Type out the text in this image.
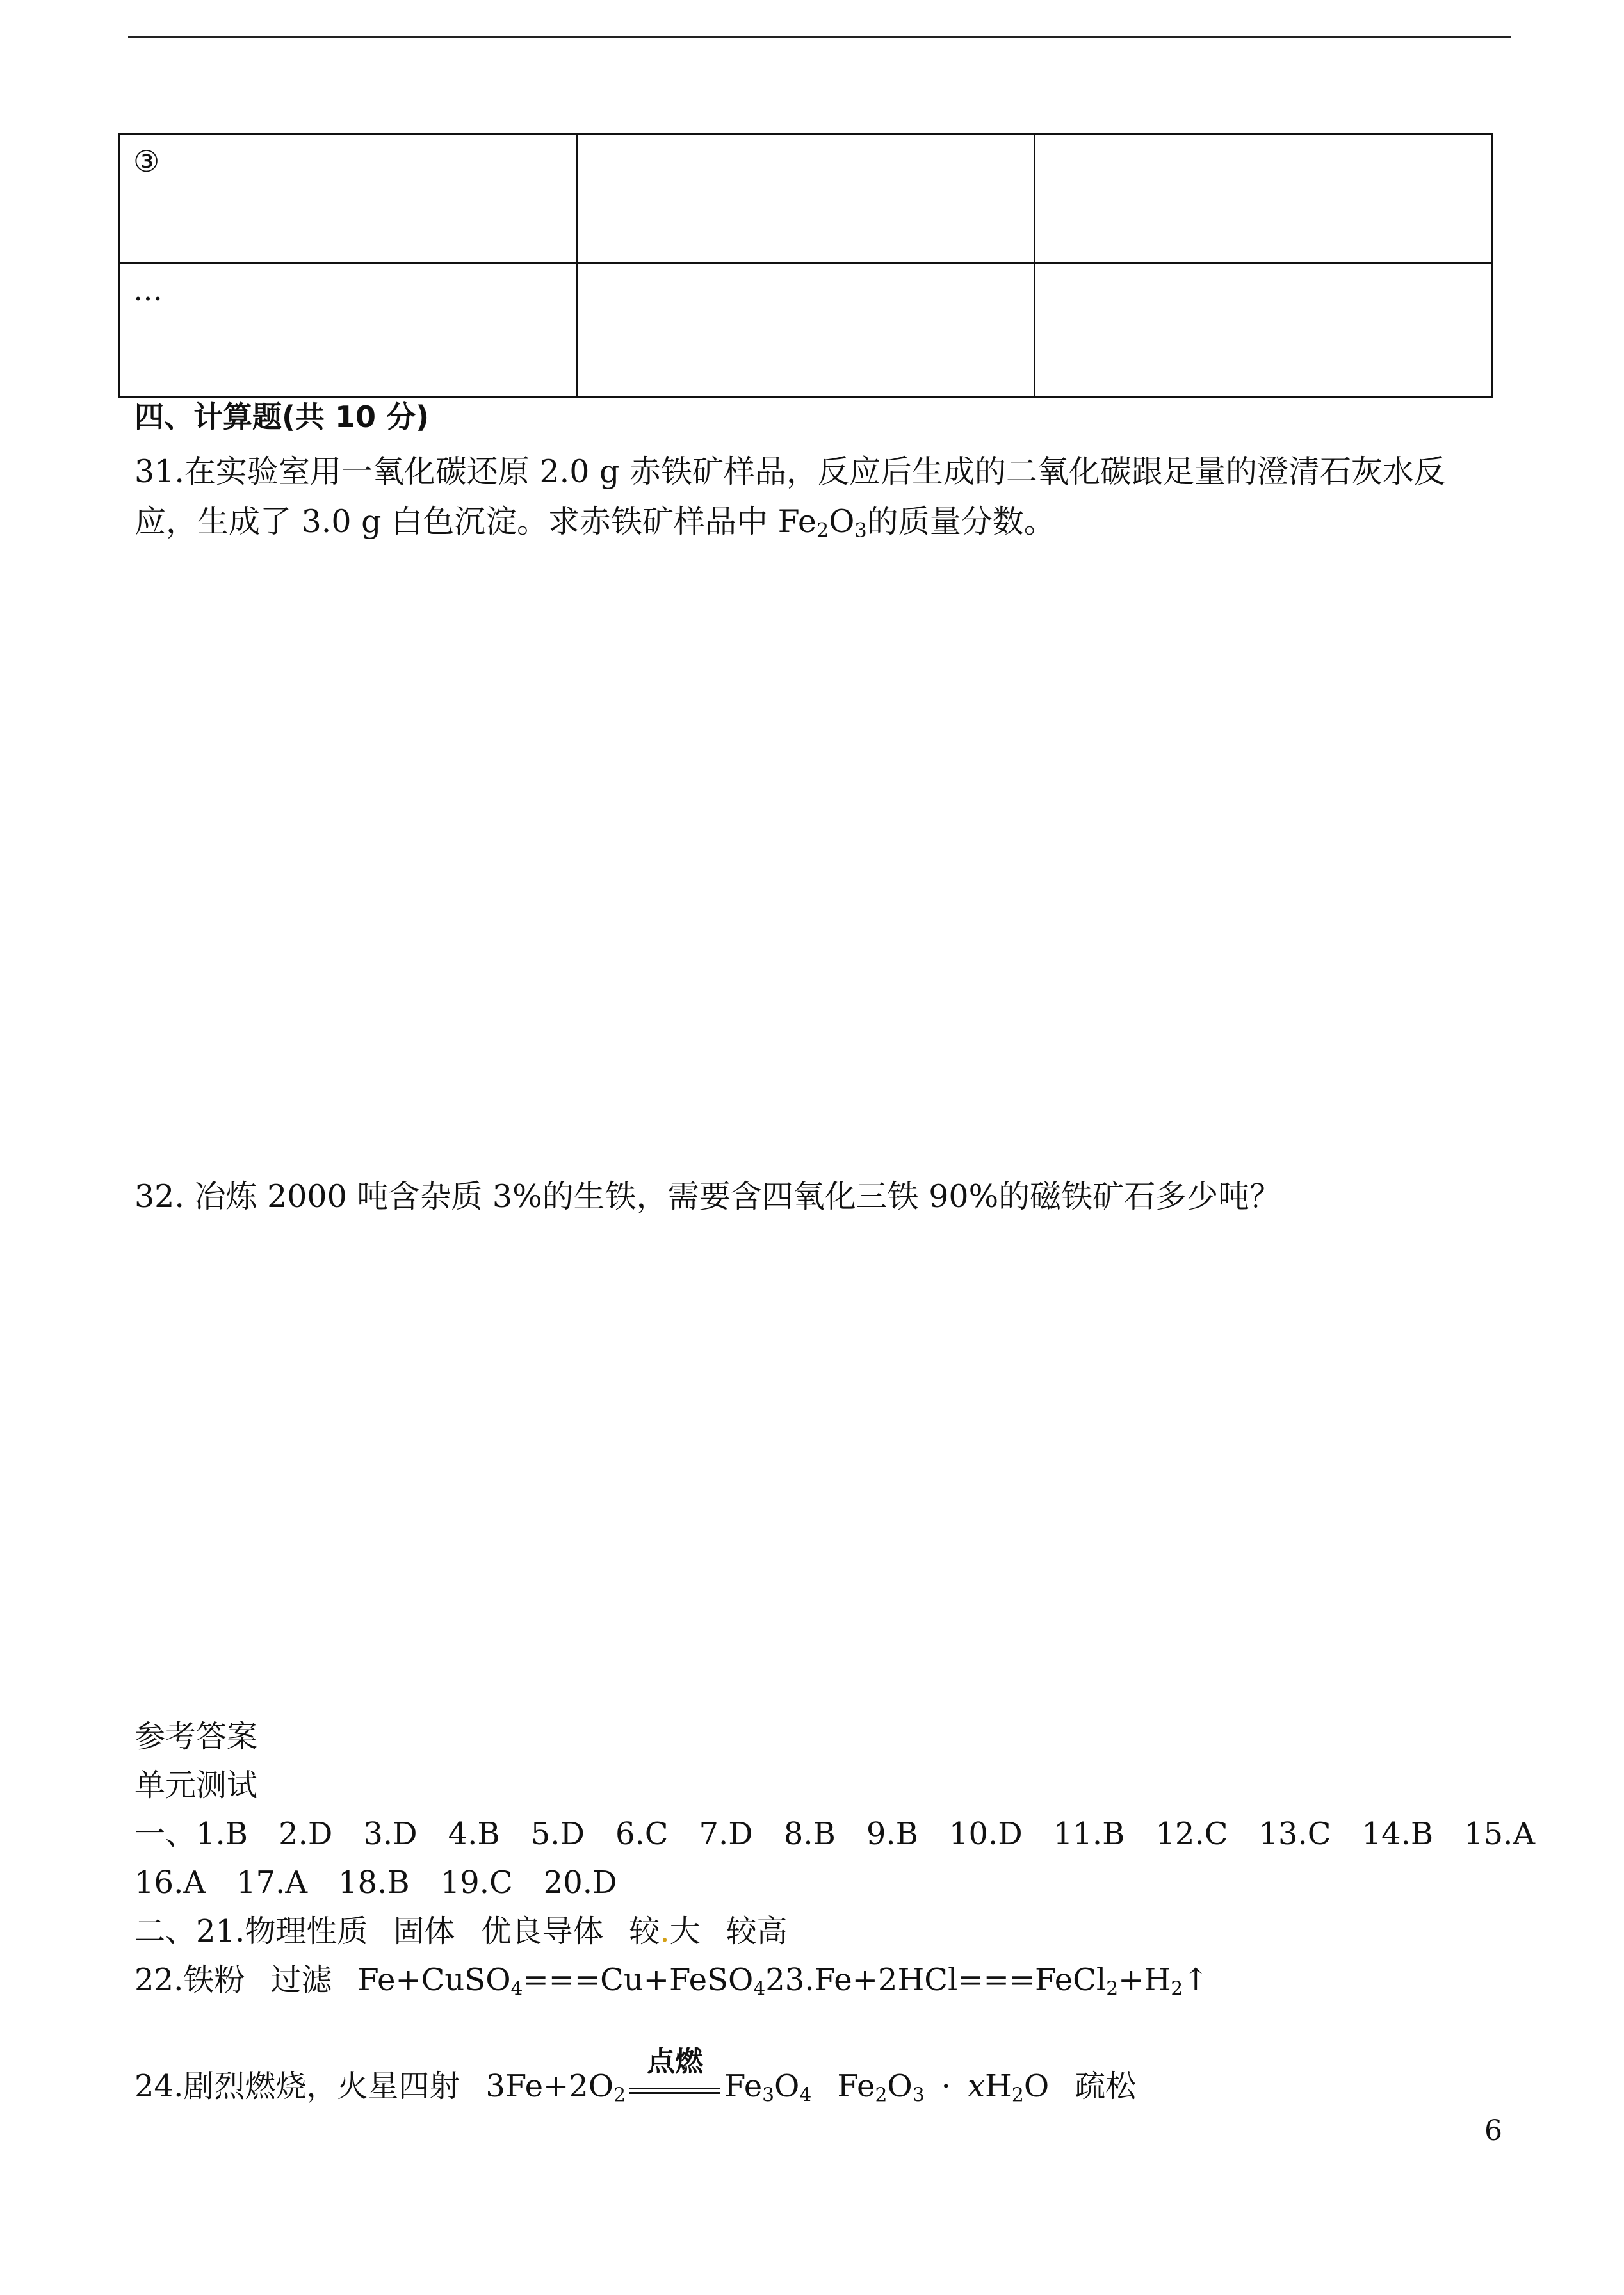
③		
…		
四、计算题(共 10 分)
31.在实验室用一氧化碳还原 2.0 g 赤铁矿样品，反应后生成的二氧化碳跟足量的澄清石灰水反
应，生成了 3.0 g 白色沉淀。求赤铁矿样品中 $Fe_2O_3$的质量分数。
32. 冶炼 2000 吨含杂质 3%的生铁，需要含四氧化三铁 90%的磁铁矿石多少吨？
参考答案
单元测试
一、1.B　2.D　3.D　4.B　5.D　6.C　7.D　8.B　9.B　10.D　11.B　12.C　13.C　14.B　15.A
16.A　17.A　18.B　19.C　20.D
二、21.物理性质 固体 优良导体 较.大 较高
22.铁粉 过滤 $Fe+CuSO_4===Cu+FeSO_423.Fe+2HCl===FeCl_2+H_2↑$
24.剧烈燃烧，火星四射 $3Fe+2O_2$
点燃
$Fe_3O_4$ $Fe_2O_3 \cdot xH_2O$ 疏松
6
